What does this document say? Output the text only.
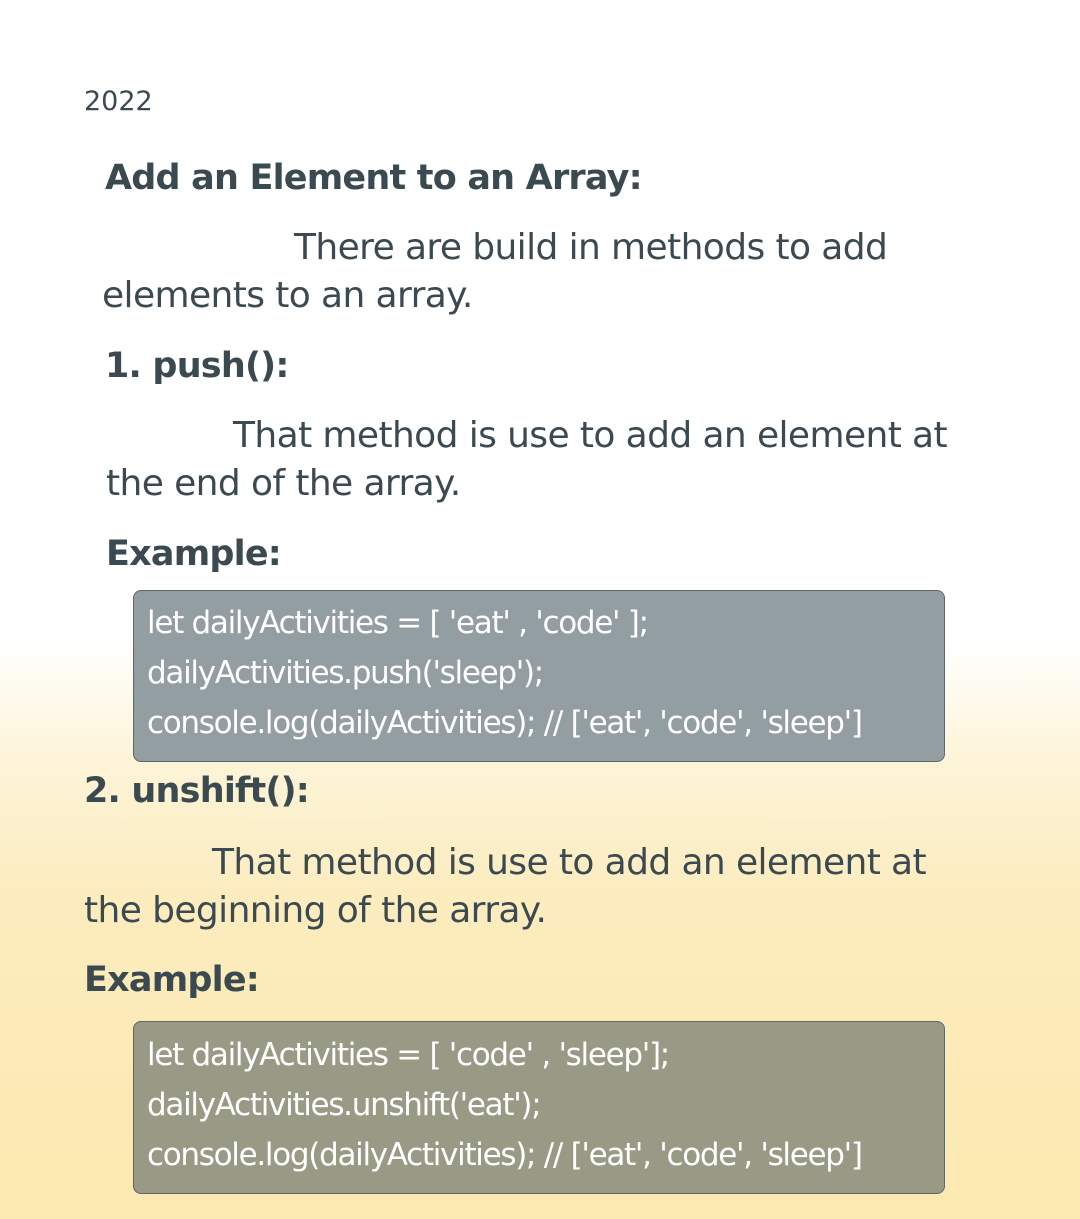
2022
Add an Element to an Array:

There are build in methods to add

elements to an array.

1. push():

That method is use to add an element at

the end of the array.

Example:

let dailyActivities = [ 'eat' , 'code' ];

dailyActivities.push('sleep');

console.log(dailyActivities); // ['eat', 'code', 'sleep']

2. unshift():

That method is use to add an element at

the beginning of the array.

Example:

let dailyActivities = [ 'code' , 'sleep'];

dailyActivities.unshift('eat');

console.log(dailyActivities); // ['eat', 'code', 'sleep']
